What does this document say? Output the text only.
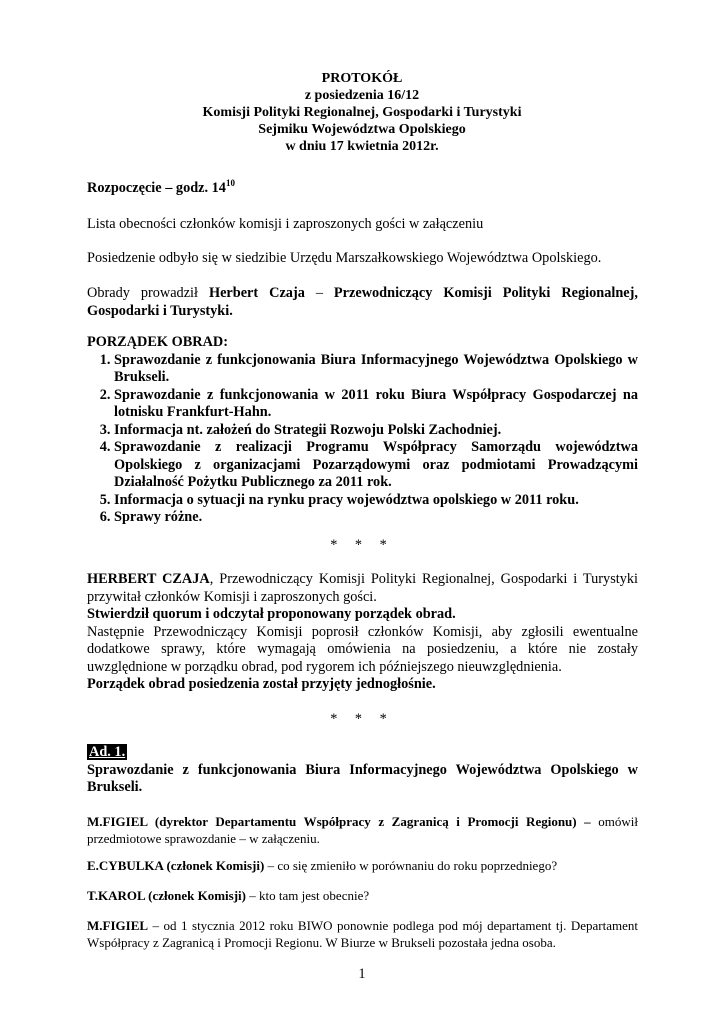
PROTOKÓŁ
z posiedzenia 16/12
Komisji Polityki Regionalnej, Gospodarki i Turystyki
Sejmiku Województwa Opolskiego
w dniu 17 kwietnia 2012r.
Rozpoczęcie – godz. $14^{10}$
Lista obecności członków komisji i zaproszonych gości w załączeniu
Posiedzenie odbyło się w siedzibie Urzędu Marszałkowskiego Województwa Opolskiego.
Obrady prowadził Herbert Czaja – Przewodniczący Komisji Polityki Regionalnej, Gospodarki i Turystyki.
PORZĄDEK OBRAD:
1. Sprawozdanie z funkcjonowania Biura Informacyjnego Województwa Opolskiego w Brukseli.
2. Sprawozdanie z funkcjonowania w 2011 roku Biura Współpracy Gospodarczej na lotnisku Frankfurt-Hahn.
3. Informacja nt. założeń do Strategii Rozwoju Polski Zachodniej.
4. Sprawozdanie z realizacji Programu Współpracy Samorządu województwa Opolskiego z organizacjami Pozarządowymi oraz podmiotami Prowadzącymi Działalność Pożytku Publicznego za 2011 rok.
5. Informacja o sytuacji na rynku pracy województwa opolskiego w 2011 roku.
6. Sprawy różne.
* * *
HERBERT CZAJA, Przewodniczący Komisji Polityki Regionalnej, Gospodarki i Turystyki przywitał członków Komisji i zaproszonych gości.
Stwierdził quorum i odczytał proponowany porządek obrad.
Następnie Przewodniczący Komisji poprosił członków Komisji, aby zgłosili ewentualne dodatkowe sprawy, które wymagają omówienia na posiedzeniu, a które nie zostały uwzględnione w porządku obrad, pod rygorem ich późniejszego nieuwzględnienia.
Porządek obrad posiedzenia został przyjęty jednogłośnie.
* * *
Ad. 1.
Sprawozdanie z funkcjonowania Biura Informacyjnego Województwa Opolskiego w Brukseli.
M.FIGIEL (dyrektor Departamentu Współpracy z Zagranicą i Promocji Regionu) – omówił przedmiotowe sprawozdanie – w załączeniu.
E.CYBULKA (członek Komisji) – co się zmieniło w porównaniu do roku poprzedniego?
T.KAROL (członek Komisji) – kto tam jest obecnie?
M.FIGIEL – od 1 stycznia 2012 roku BIWO ponownie podlega pod mój departament tj. Departament Współpracy z Zagranicą i Promocji Regionu. W Biurze w Brukseli pozostała jedna osoba.
1
